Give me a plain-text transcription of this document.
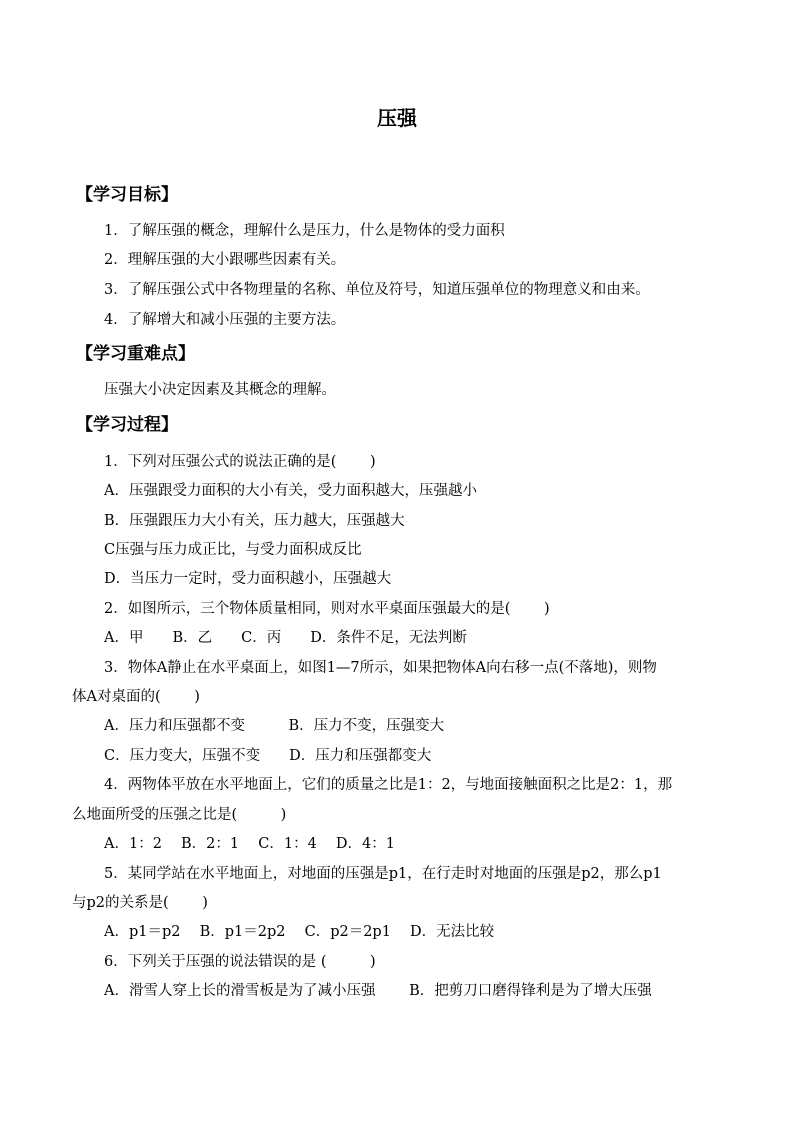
压强
【学习目标】
1．了解压强的概念，理解什么是压力，什么是物体的受力面积
2．理解压强的大小跟哪些因素有关。
3．了解压强公式中各物理量的名称、单位及符号，知道压强单位的物理意义和由来。
4．了解增大和减小压强的主要方法。
【学习重难点】
压强大小决定因素及其概念的理解。
【学习过程】
1．下列对压强公式的说法正确的是(　　 )
A．压强跟受力面积的大小有关，受力面积越大，压强越小
B．压强跟压力大小有关，压力越大，压强越大
C压强与压力成正比，与受力面积成反比
D．当压力一定时，受力面积越小，压强越大
2．如图所示，三个物体质量相同，则对水平桌面压强最大的是(　　 )
A．甲　　B．乙　　C．丙　　D．条件不足，无法判断
3．物体A静止在水平桌面上，如图1—7所示，如果把物体A向右移一点(不落地)，则物
体A对桌面的(　　 )
A．压力和压强都不变　　　B．压力不变，压强变大
C．压力变大，压强不变　　D．压力和压强都变大
4．两物体平放在水平地面上，它们的质量之比是1：2，与地面接触面积之比是2：1，那
么地面所受的压强之比是(　　　)
A．1：2　 B．2：1　 C．1：4　 D．4：1
5．某同学站在水平地面上，对地面的压强是p1，在行走时对地面的压强是p2，那么p1
与p2的关系是(　　 )
A．p1＝p2　 B．p1＝2p2　 C．p2＝2p1　 D．无法比较
6．下列关于压强的说法错误的是 (　　　)
A．滑雪人穿上长的滑雪板是为了减小压强　　 B．把剪刀口磨得锋利是为了增大压强
